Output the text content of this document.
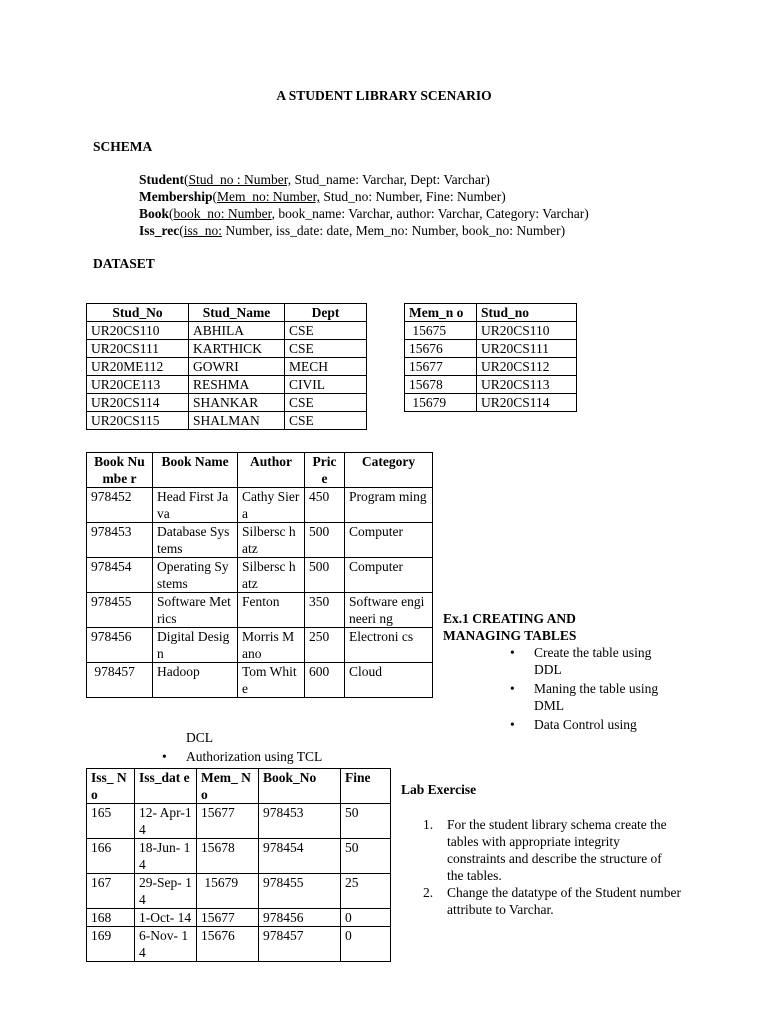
A STUDENT LIBRARY SCENARIO
SCHEMA
Student(Stud_no : Number, Stud_name: Varchar, Dept: Varchar)
Membership(Mem_no: Number, Stud_no: Number, Fine: Number)
Book(book_no: Number, book_name: Varchar, author: Varchar, Category: Varchar)
Iss_rec(iss_no: Number, iss_date: date, Mem_no: Number, book_no: Number)
DATASET
Stud_No	Stud_Name	Dept
UR20CS110	ABHILA	CSE
UR20CS111	KARTHICK	CSE
UR20ME112	GOWRI	MECH
UR20CE113	RESHMA	CIVIL
UR20CS114	SHANKAR	CSE
UR20CS115	SHALMAN	CSE
Mem_n o	Stud_no
15675	UR20CS110
15676	UR20CS111
15677	UR20CS112
15678	UR20CS113
15679	UR20CS114
Book Numbe r	Book Name	Author	Pric e	Category
978452	Head First Java	Cathy Siera	450	Program ming
978453	Database Systems	Silbersc hatz	500	Computer
978454	Operating Systems	Silbersc hatz	500	Computer
978455	Software Metrics	Fenton	350	Software engineeri ng
978456	Digital Design	Morris Mano	250	Electroni cs
978457	Hadoop	Tom White	600	Cloud
Iss_ No	Iss_dat e	Mem_ No	Book_No	Fine
165	12- Apr-14	15677	978453	50
166	18-Jun- 14	15678	978454	50
167	29-Sep- 14	15679	978455	25
168	1-Oct- 14	15677	978456	0
169	6-Nov- 14	15676	978457	0
Ex.1 CREATING AND
MANAGING TABLES
• Create the table using DDL
• Maning the table using DML
• Data Control using
DCL
• Authorization using TCL
Lab Exercise
1. For the student library schema create the tables with appropriate integrity constraints and describe the structure of the tables.
2. Change the datatype of the Student number attribute to Varchar.
